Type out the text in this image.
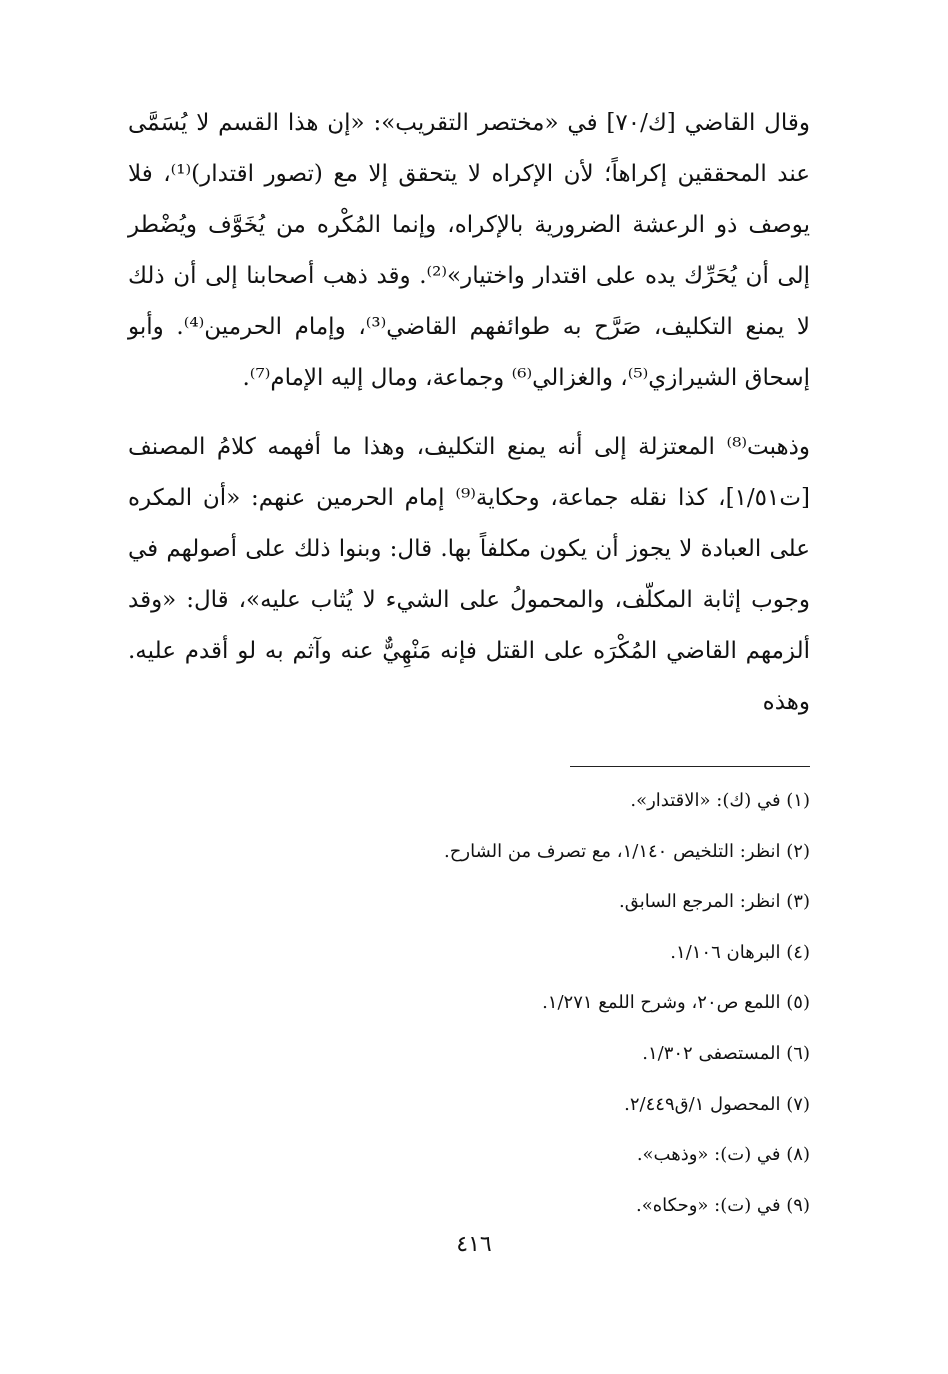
وقال القاضي [ك/٧٠] في «مختصر التقريب»: «إن هذا القسم لا يُسَمَّى عند المحققين إكراهاً؛ لأن الإكراه لا يتحقق إلا مع (تصور اقتدار)⁽¹⁾، فلا يوصف ذو الرعشة الضرورية بالإكراه، وإنما المُكْره من يُخَوَّف ويُضْطر إلى أن يُحَرِّك يده على اقتدار واختيار»⁽²⁾. وقد ذهب أصحابنا إلى أن ذلك لا يمنع التكليف، صَرَّح به طوائفهم القاضي⁽³⁾، وإمام الحرمين⁽⁴⁾. وأبو إسحاق الشيرازي⁽⁵⁾، والغزالي⁽⁶⁾ وجماعة، ومال إليه الإمام⁽⁷⁾.

وذهبت⁽⁸⁾ المعتزلة إلى أنه يمنع التكليف، وهذا ما أفهمه كلامُ المصنف [ت١/٥١]، كذا نقله جماعة، وحكاية⁽⁹⁾ إمام الحرمين عنهم: «أن المكره على العبادة لا يجوز أن يكون مكلفاً بها. قال: وبنوا ذلك على أصولهم في وجوب إثابة المكلّف، والمحمولُ على الشيء لا يُثاب عليه»، قال: «وقد ألزمهم القاضي المُكْرَه على القتل فإنه مَنْهِيٌّ عنه وآثم به لو أقدم عليه. وهذه

(١) في (ك): «الاقتدار».
(٢) انظر: التلخيص ١/١٤٠، مع تصرف من الشارح.
(٣) انظر: المرجع السابق.
(٤) البرهان ١/١٠٦.
(٥) اللمع ص٢٠، وشرح اللمع ١/٢٧١.
(٦) المستصفى ١/٣٠٢.
(٧) المحصول ١/ق٢/٤٤٩.
(٨) في (ت): «وذهب».
(٩) في (ت): «وحكاه».
٤١٦
